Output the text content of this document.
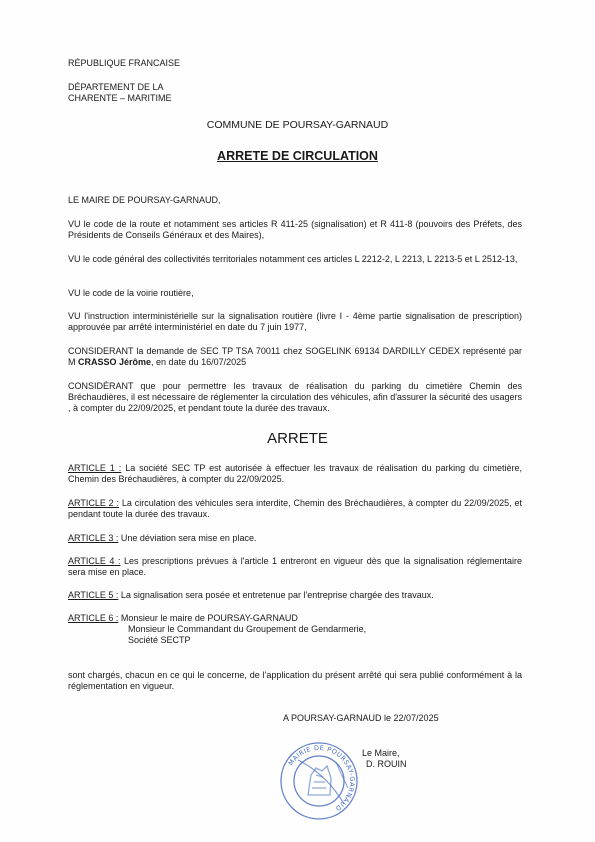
RÉPUBLIQUE FRANCAISE
DÉPARTEMENT DE LA
CHARENTE – MARITIME
COMMUNE DE POURSAY-GARNAUD
ARRETE DE CIRCULATION
LE MAIRE DE POURSAY-GARNAUD,
VU le code de la route et notamment ses articles R 411-25 (signalisation) et R 411-8 (pouvoirs des Préfets, des Présidents de Conseils Généraux et des Maires),
VU le code général des collectivités territoriales notamment ces articles L 2212-2, L 2213, L 2213-5 et L 2512-13,
VU le code de la voirie routière,
VU l'instruction interministérielle sur la signalisation routière (livre I - 4ème partie signalisation de prescription) approuvée par arrêté interministériel en date du 7 juin 1977,
CONSIDERANT la demande de SEC TP TSA 70011 chez SOGELINK 69134 DARDILLY CEDEX représenté par M CRASSO Jérôme, en date du 16/07/2025
CONSIDÉRANT que pour permettre les travaux de réalisation du parking du cimetière Chemin des Bréchaudières, il est nécessaire de réglementer la circulation des véhicules, afin d'assurer la sécurité des usagers , à compter du 22/09/2025, et pendant toute la durée des travaux.
ARRETE
ARTICLE 1 : La société SEC TP est autorisée à effectuer les travaux de réalisation du parking du cimetière, Chemin des Bréchaudières, à compter du 22/09/2025.
ARTICLE 2 : La circulation des véhicules sera interdite, Chemin des Bréchaudières, à compter du 22/09/2025, et pendant toute la durée des travaux.
ARTICLE 3 : Une déviation sera mise en place.
ARTICLE 4 : Les prescriptions prévues à l'article 1 entreront en vigueur dès que la signalisation réglementaire sera mise en place.
ARTICLE 5 : La signalisation sera posée et entretenue par l'entreprise chargée des travaux.
ARTICLE 6 : Monsieur le maire de POURSAY-GARNAUD
Monsieur le Commandant du Groupement de Gendarmerie,
Société SECTP
sont chargés, chacun en ce qui le concerne, de l'application du présent arrêté qui sera publié conformément à la réglementation en vigueur.
A POURSAY-GARNAUD le 22/07/2025
Le Maire,
D. ROUIN
MAIRIE DE POURSAY-GARNAUD
